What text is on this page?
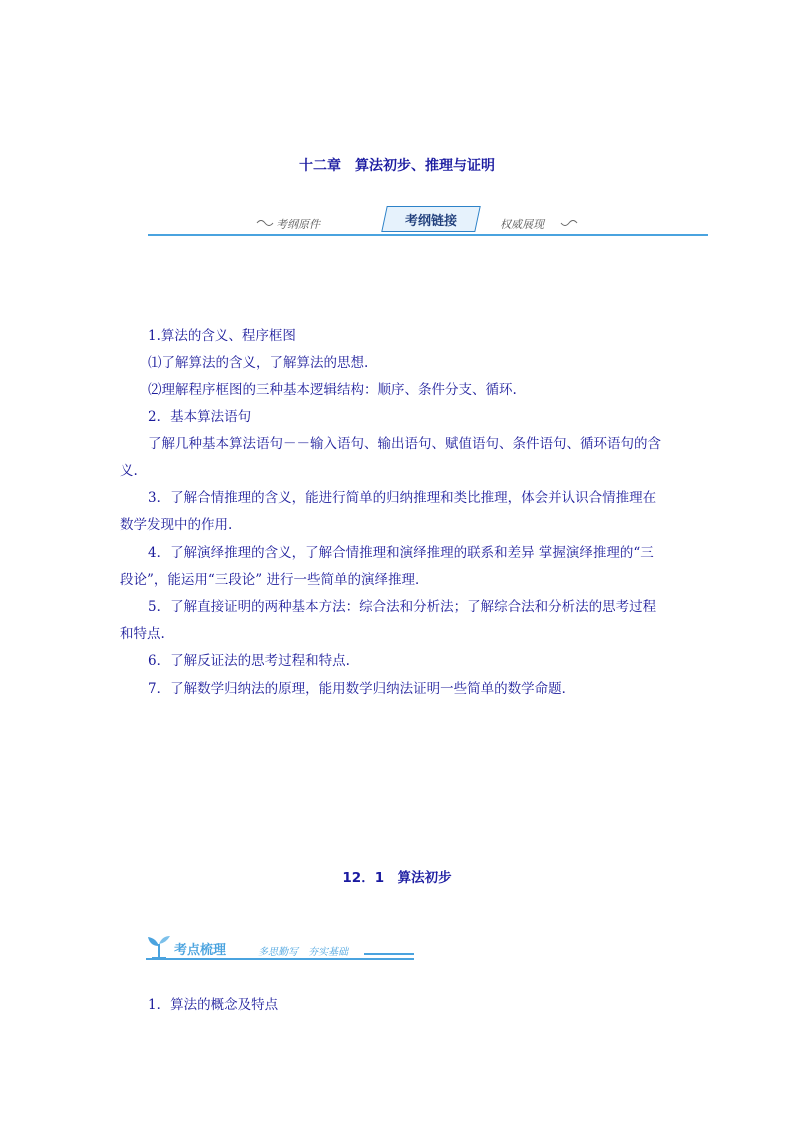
十二章　算法初步、推理与证明
考纲原件	考纲链接	权威展现
1.算法的含义、程序框图
⑴了解算法的含义，了解算法的思想.
⑵理解程序框图的三种基本逻辑结构：顺序、条件分支、循环.
2．基本算法语句
了解几种基本算法语句－－输入语句、输出语句、赋值语句、条件语句、循环语句的含
义.
3．了解合情推理的含义，能进行简单的归纳推理和类比推理，体会并认识合情推理在
数学发现中的作用.
4．了解演绎推理的含义，了解合情推理和演绎推理的联系和差异 掌握演绎推理的“三
段论”，能运用“三段论” 进行一些简单的演绎推理．
5．了解直接证明的两种基本方法：综合法和分析法；了解综合法和分析法的思考过程
和特点.
6．了解反证法的思考过程和特点.
7．了解数学归纳法的原理，能用数学归纳法证明一些简单的数学命题．
12．1　算法初步
考点梳理	多思勤写　夯实基础
1．算法的概念及特点
